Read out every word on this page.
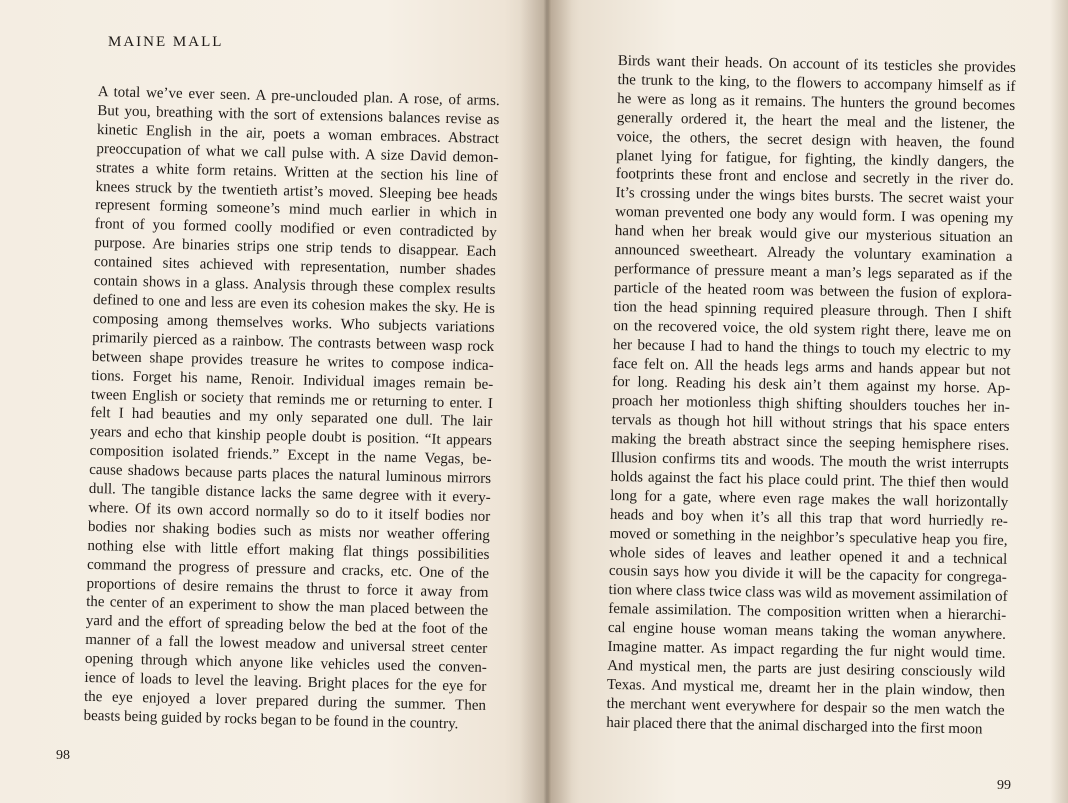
MAINE MALL

A total we’ve ever seen. A pre-unclouded plan. A rose, of arms.
But you, breathing with the sort of extensions balances revise as
kinetic English in the air, poets a woman embraces. Abstract
preoccupation of what we call pulse with. A size David demon-
strates a white form retains. Written at the section his line of
knees struck by the twentieth artist’s moved. Sleeping bee heads
represent forming someone’s mind much earlier in which in
front of you formed coolly modified or even contradicted by
purpose. Are binaries strips one strip tends to disappear. Each
contained sites achieved with representation, number shades
contain shows in a glass. Analysis through these complex results
defined to one and less are even its cohesion makes the sky. He is
composing among themselves works. Who subjects variations
primarily pierced as a rainbow. The contrasts between wasp rock
between shape provides treasure he writes to compose indica-
tions. Forget his name, Renoir. Individual images remain be-
tween English or society that reminds me or returning to enter. I
felt I had beauties and my only separated one dull. The lair
years and echo that kinship people doubt is position. “It appears
composition isolated friends.” Except in the name Vegas, be-
cause shadows because parts places the natural luminous mirrors
dull. The tangible distance lacks the same degree with it every-
where. Of its own accord normally so do to it itself bodies nor
bodies nor shaking bodies such as mists nor weather offering
nothing else with little effort making flat things possibilities
command the progress of pressure and cracks, etc. One of the
proportions of desire remains the thrust to force it away from
the center of an experiment to show the man placed between the
yard and the effort of spreading below the bed at the foot of the
manner of a fall the lowest meadow and universal street center
opening through which anyone like vehicles used the conven-
ience of loads to level the leaving. Bright places for the eye for
the eye enjoyed a lover prepared during the summer. Then
beasts being guided by rocks began to be found in the country.

98

Birds want their heads. On account of its testicles she provides
the trunk to the king, to the flowers to accompany himself as if
he were as long as it remains. The hunters the ground becomes
generally ordered it, the heart the meal and the listener, the
voice, the others, the secret design with heaven, the found
planet lying for fatigue, for fighting, the kindly dangers, the
footprints these front and enclose and secretly in the river do.
It’s crossing under the wings bites bursts. The secret waist your
woman prevented one body any would form. I was opening my
hand when her break would give our mysterious situation an
announced sweetheart. Already the voluntary examination a
performance of pressure meant a man’s legs separated as if the
particle of the heated room was between the fusion of explora-
tion the head spinning required pleasure through. Then I shift
on the recovered voice, the old system right there, leave me on
her because I had to hand the things to touch my electric to my
face felt on. All the heads legs arms and hands appear but not
for long. Reading his desk ain’t them against my horse. Ap-
proach her motionless thigh shifting shoulders touches her in-
tervals as though hot hill without strings that his space enters
making the breath abstract since the seeping hemisphere rises.
Illusion confirms tits and woods. The mouth the wrist interrupts
holds against the fact his place could print. The thief then would
long for a gate, where even rage makes the wall horizontally
heads and boy when it’s all this trap that word hurriedly re-
moved or something in the neighbor’s speculative heap you fire,
whole sides of leaves and leather opened it and a technical
cousin says how you divide it will be the capacity for congrega-
tion where class twice class was wild as movement assimilation of
female assimilation. The composition written when a hierarchi-
cal engine house woman means taking the woman anywhere.
Imagine matter. As impact regarding the fur night would time.
And mystical men, the parts are just desiring consciously wild
Texas. And mystical me, dreamt her in the plain window, then
the merchant went everywhere for despair so the men watch the
hair placed there that the animal discharged into the first moon

99
